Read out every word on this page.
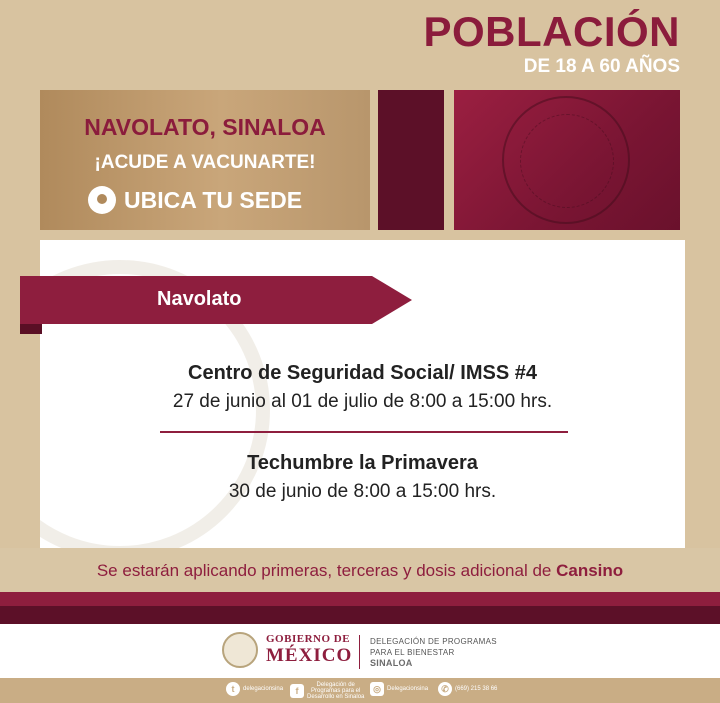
POBLACIÓN
DE 18 A 60 AÑOS
NAVOLATO, SINALOA
¡ACUDE A VACUNARTE!
UBICA TU SEDE
Navolato
Centro de Seguridad Social/ IMSS #4
27 de junio al 01 de julio de 8:00 a 15:00 hrs.
Techumbre la Primavera
30 de junio de 8:00 a 15:00 hrs.
Se estarán aplicando primeras, terceras y dosis adicional de Cansino
GOBIERNO DE
MÉXICO
DELEGACIÓN DE PROGRAMAS
PARA EL BIENESTAR
SINALOA
t	delegacionsina	f
Delegación de
Programas para el
Desarrollo en Sinaloa
◎	Delegacionsina	✆	(669) 215 38 66
